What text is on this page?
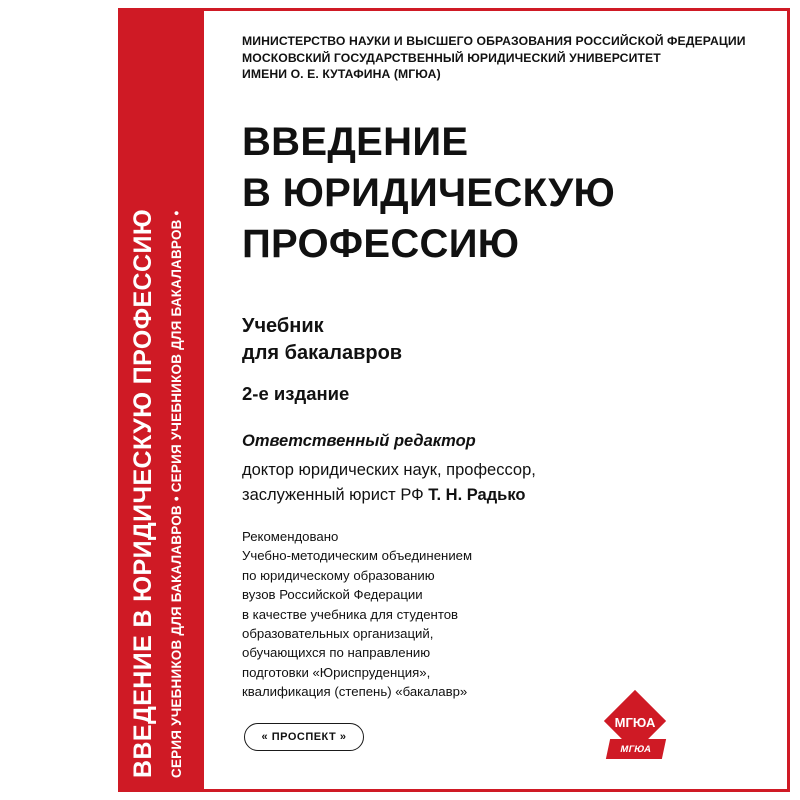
ВВЕДЕНИЕ В ЮРИДИЧЕСКУЮ ПРОФЕССИЮ СЕРИЯ УЧЕБНИКОВ ДЛЯ БАКАЛАВРОВ • СЕРИЯ УЧЕБНИКОВ ДЛЯ БАКАЛАВРОВ •
МИНИСТЕРСТВО НАУКИ И ВЫСШЕГО ОБРАЗОВАНИЯ РОССИЙСКОЙ ФЕДЕРАЦИИ
МОСКОВСКИЙ ГОСУДАРСТВЕННЫЙ ЮРИДИЧЕСКИЙ УНИВЕРСИТЕТ
ИМЕНИ О. Е. КУТАФИНА (МГЮА)
ВВЕДЕНИЕ
В ЮРИДИЧЕСКУЮ
ПРОФЕССИЮ
Учебник
для бакалавров
2-е издание
Ответственный редактор
доктор юридических наук, профессор,
заслуженный юрист РФ Т. Н. Радько
Рекомендовано
Учебно-методическим объединением
по юридическому образованию
вузов Российской Федерации
в качестве учебника для студентов
образовательных организаций,
обучающихся по направлению
подготовки «Юриспруденция»,
квалификация (степень) «бакалавр»
« ПРОСПЕКТ »
МГЮА
МГЮА
